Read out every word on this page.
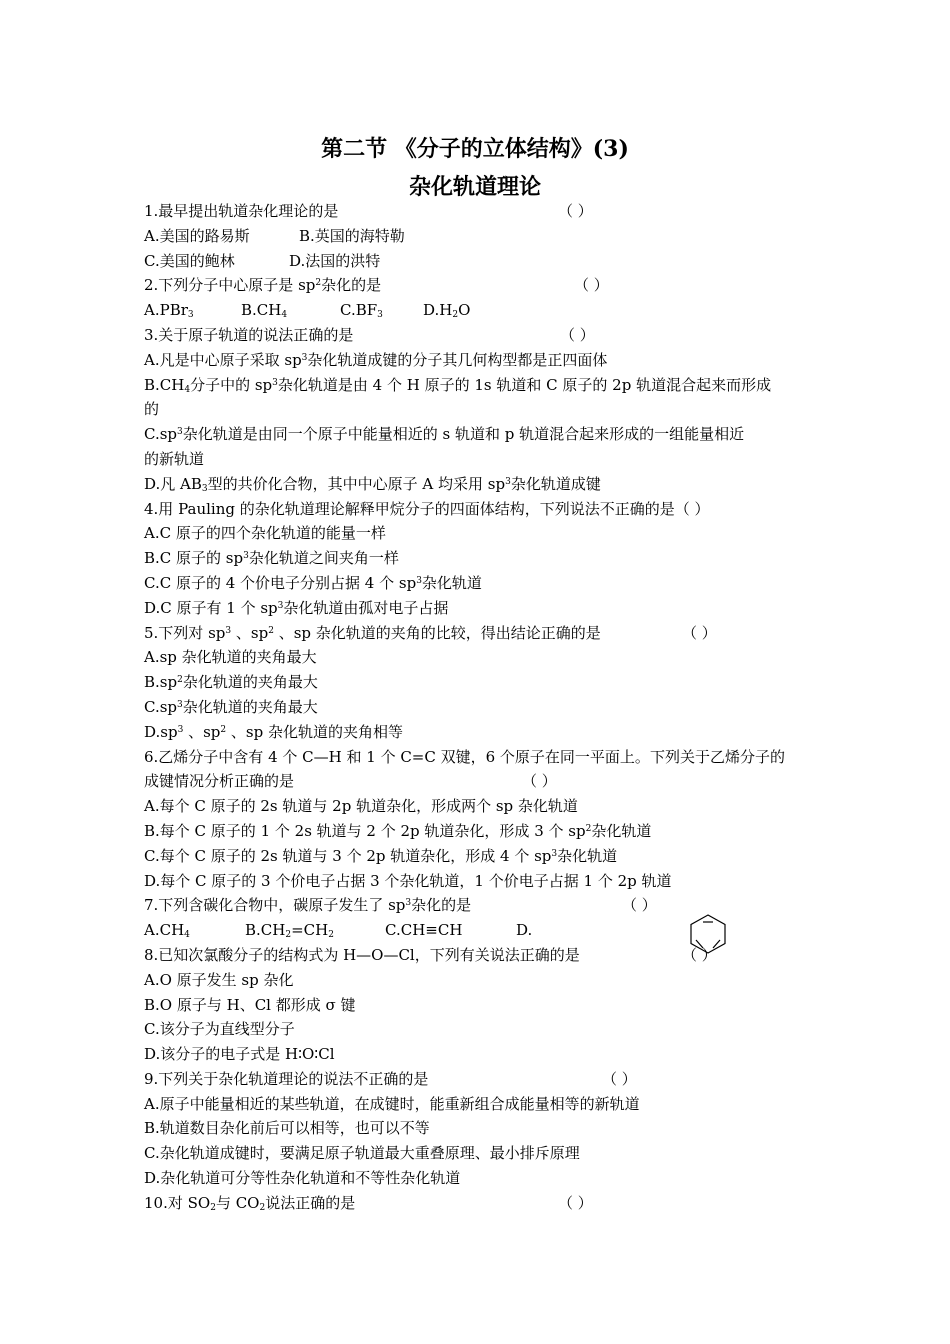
第二节 《分子的立体结构》(3)
杂化轨道理论
1.最早提出轨道杂化理论的是	（ ）
A.美国的路易斯	B.英国的海特勒
C.美国的鲍林	D.法国的洪特
2.下列分子中心原子是 $sp^2$杂化的是	（ ）
A.PBr$_3$	$B.CH_4$	$C.BF_3$	$D.H_2O$
3.关于原子轨道的说法正确的是	（ ）
A.凡是中心原子采取 $sp^3$杂化轨道成键的分子其几何构型都是正四面体
$B.CH_4$分子中的 $sp^3$杂化轨道是由 4 个 H 原子的 1s 轨道和 C 原子的 2p 轨道混合起来而形成
的
$C.sp^3$杂化轨道是由同一个原子中能量相近的 s 轨道和 p 轨道混合起来形成的一组能量相近
的新轨道
D.凡 $AB_3$型的共价化合物，其中中心原子 A 均采用 $sp^3$杂化轨道成键
4.用 Pauling 的杂化轨道理论解释甲烷分子的四面体结构，下列说法不正确的是（ ）
A.C 原子的四个杂化轨道的能量一样
B.C 原子的 $sp^3$杂化轨道之间夹角一样
C.C 原子的 4 个价电子分别占据 4 个 $sp^3$杂化轨道
D.C 原子有 1 个 $sp^3$杂化轨道由孤对电子占据
5.下列对 $sp^3$ 、$sp^2$ 、sp 杂化轨道的夹角的比较，得出结论正确的是	（ ）
A.sp 杂化轨道的夹角最大
$B.sp^2$杂化轨道的夹角最大
$C.sp^3$杂化轨道的夹角最大
$D.sp^3$ 、$sp^2$ 、sp 杂化轨道的夹角相等
6.乙烯分子中含有 4 个 C—H 和 1 个 C=C 双键，6 个原子在同一平面上。下列关于乙烯分子的
成键情况分析正确的是	（ ）
A.每个 C 原子的 2s 轨道与 2p 轨道杂化，形成两个 sp 杂化轨道
B.每个 C 原子的 1 个 2s 轨道与 2 个 2p 轨道杂化，形成 3 个 $sp^2$杂化轨道
C.每个 C 原子的 2s 轨道与 3 个 2p 轨道杂化，形成 4 个 $sp^3$杂化轨道
D.每个 C 原子的 3 个价电子占据 3 个杂化轨道，1 个价电子占据 1 个 2p 轨道
7.下列含碳化合物中，碳原子发生了 $sp^3$杂化的是	（ ）
$A.CH_4$	$B.CH_2=CH_2$	C.CH≡CH	D.
8.已知次氯酸分子的结构式为 H—O—Cl，下列有关说法正确的是	（ ）
A.O 原子发生 sp 杂化
B.O 原子与 H、Cl 都形成 σ 键
C.该分子为直线型分子
D.该分子的电子式是 H∶O∶Cl
9.下列关于杂化轨道理论的说法不正确的是	（ ）
A.原子中能量相近的某些轨道，在成键时，能重新组合成能量相等的新轨道
B.轨道数目杂化前后可以相等，也可以不等
C.杂化轨道成键时，要满足原子轨道最大重叠原理、最小排斥原理
D.杂化轨道可分等性杂化轨道和不等性杂化轨道
10.对 $SO_2$与 $CO_2$说法正确的是	（ ）
